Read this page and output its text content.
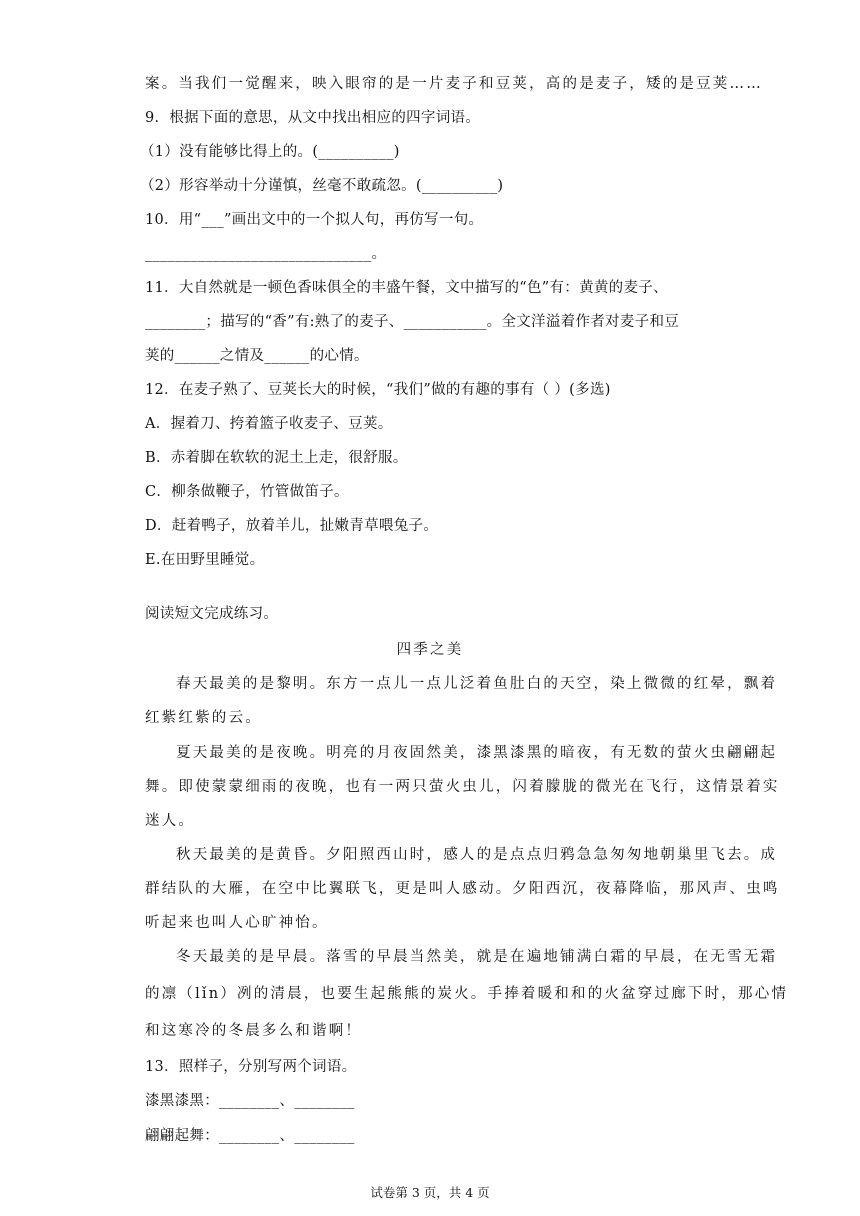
案。当我们一觉醒来，映入眼帘的是一片麦子和豆荚，高的是麦子，矮的是豆荚……
9．根据下面的意思，从文中找出相应的四字词语。
（1）没有能够比得上的。(__________)
（2）形容举动十分谨慎，丝毫不敢疏忽。(__________)
10．用“___”画出文中的一个拟人句，再仿写一句。
______________________________。
11．大自然就是一顿色香味俱全的丰盛午餐，文中描写的“色”有：黄黄的麦子、
________；描写的“香”有:熟了的麦子、___________。全文洋溢着作者对麦子和豆
荚的______之情及______的心情。
12．在麦子熟了、豆荚长大的时候，“我们”做的有趣的事有（ ）(多选)
A．握着刀、挎着篮子收麦子、豆荚。
B．赤着脚在软软的泥土上走，很舒服。
C．柳条做鞭子，竹管做笛子。
D．赶着鸭子，放着羊儿，扯嫩青草喂兔子。
E.在田野里睡觉。
阅读短文完成练习。
四季之美
春天最美的是黎明。东方一点儿一点儿泛着鱼肚白的天空，染上微微的红晕，飘着
红紫红紫的云。
夏天最美的是夜晚。明亮的月夜固然美，漆黑漆黑的暗夜，有无数的萤火虫翩翩起
舞。即使蒙蒙细雨的夜晚，也有一两只萤火虫儿，闪着朦胧的微光在飞行，这情景着实
迷人。
秋天最美的是黄昏。夕阳照西山时，感人的是点点归鸦急急匆匆地朝巢里飞去。成
群结队的大雁，在空中比翼联飞，更是叫人感动。夕阳西沉，夜幕降临，那风声、虫鸣
听起来也叫人心旷神怡。
冬天最美的是早晨。落雪的早晨当然美，就是在遍地铺满白霜的早晨，在无雪无霜
的凛（lǐn）冽的清晨，也要生起熊熊的炭火。手捧着暖和和的火盆穿过廊下时，那心情
和这寒冷的冬晨多么和谐啊！
13．照样子，分别写两个词语。
漆黑漆黑：________、________
翩翩起舞：________、________
试卷第 3 页，共 4 页
